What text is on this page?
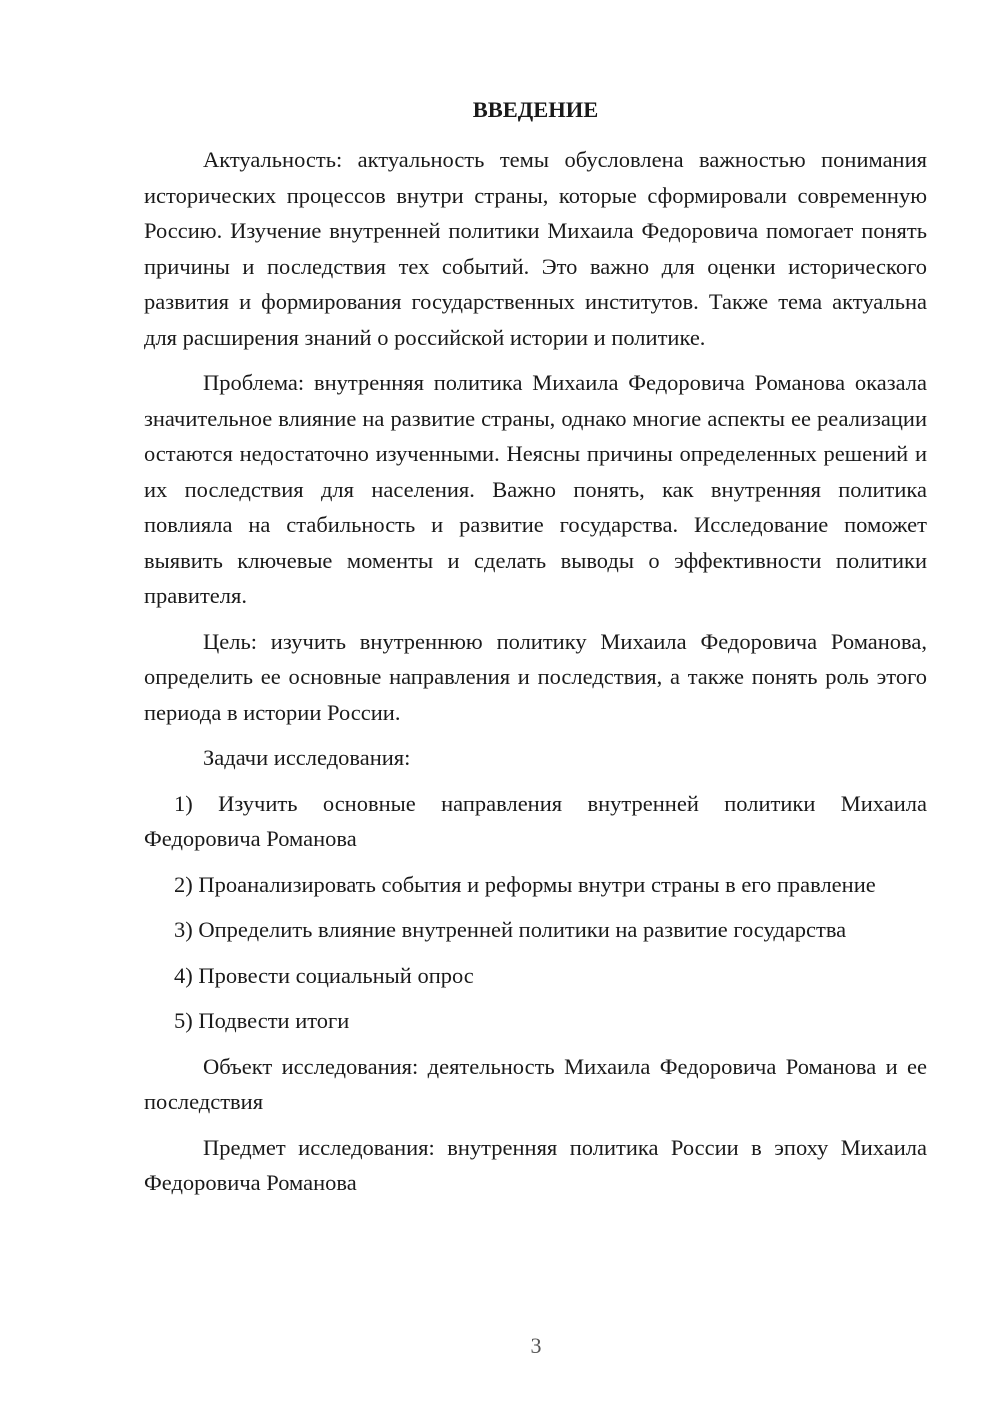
ВВЕДЕНИЕ

Актуальность: актуальность темы обусловлена важностью понимания исторических процессов внутри страны, которые сформировали современную Россию. Изучение внутренней политики Михаила Федоровича помогает понять причины и последствия тех событий. Это важно для оценки исторического развития и формирования государственных институтов. Также тема актуальна для расширения знаний о российской истории и политике.

Проблема: внутренняя политика Михаила Федоровича Романова оказала значительное влияние на развитие страны, однако многие аспекты ее реализации остаются недостаточно изученными. Неясны причины определенных решений и их последствия для населения. Важно понять, как внутренняя политика повлияла на стабильность и развитие государства. Исследование поможет выявить ключевые моменты и сделать выводы о эффективности политики правителя.

Цель: изучить внутреннюю политику Михаила Федоровича Романова, определить ее основные направления и последствия, а также понять роль этого периода в истории России.

Задачи исследования:

1) Изучить основные направления внутренней политики Михаила Федоровича Романова

2) Проанализировать события и реформы внутри страны в его правление

3) Определить влияние внутренней политики на развитие государства

4) Провести социальный опрос

5) Подвести итоги

Объект исследования: деятельность Михаила Федоровича Романова и ее последствия

Предмет исследования: внутренняя политика России в эпоху Михаила Федоровича Романова

3
